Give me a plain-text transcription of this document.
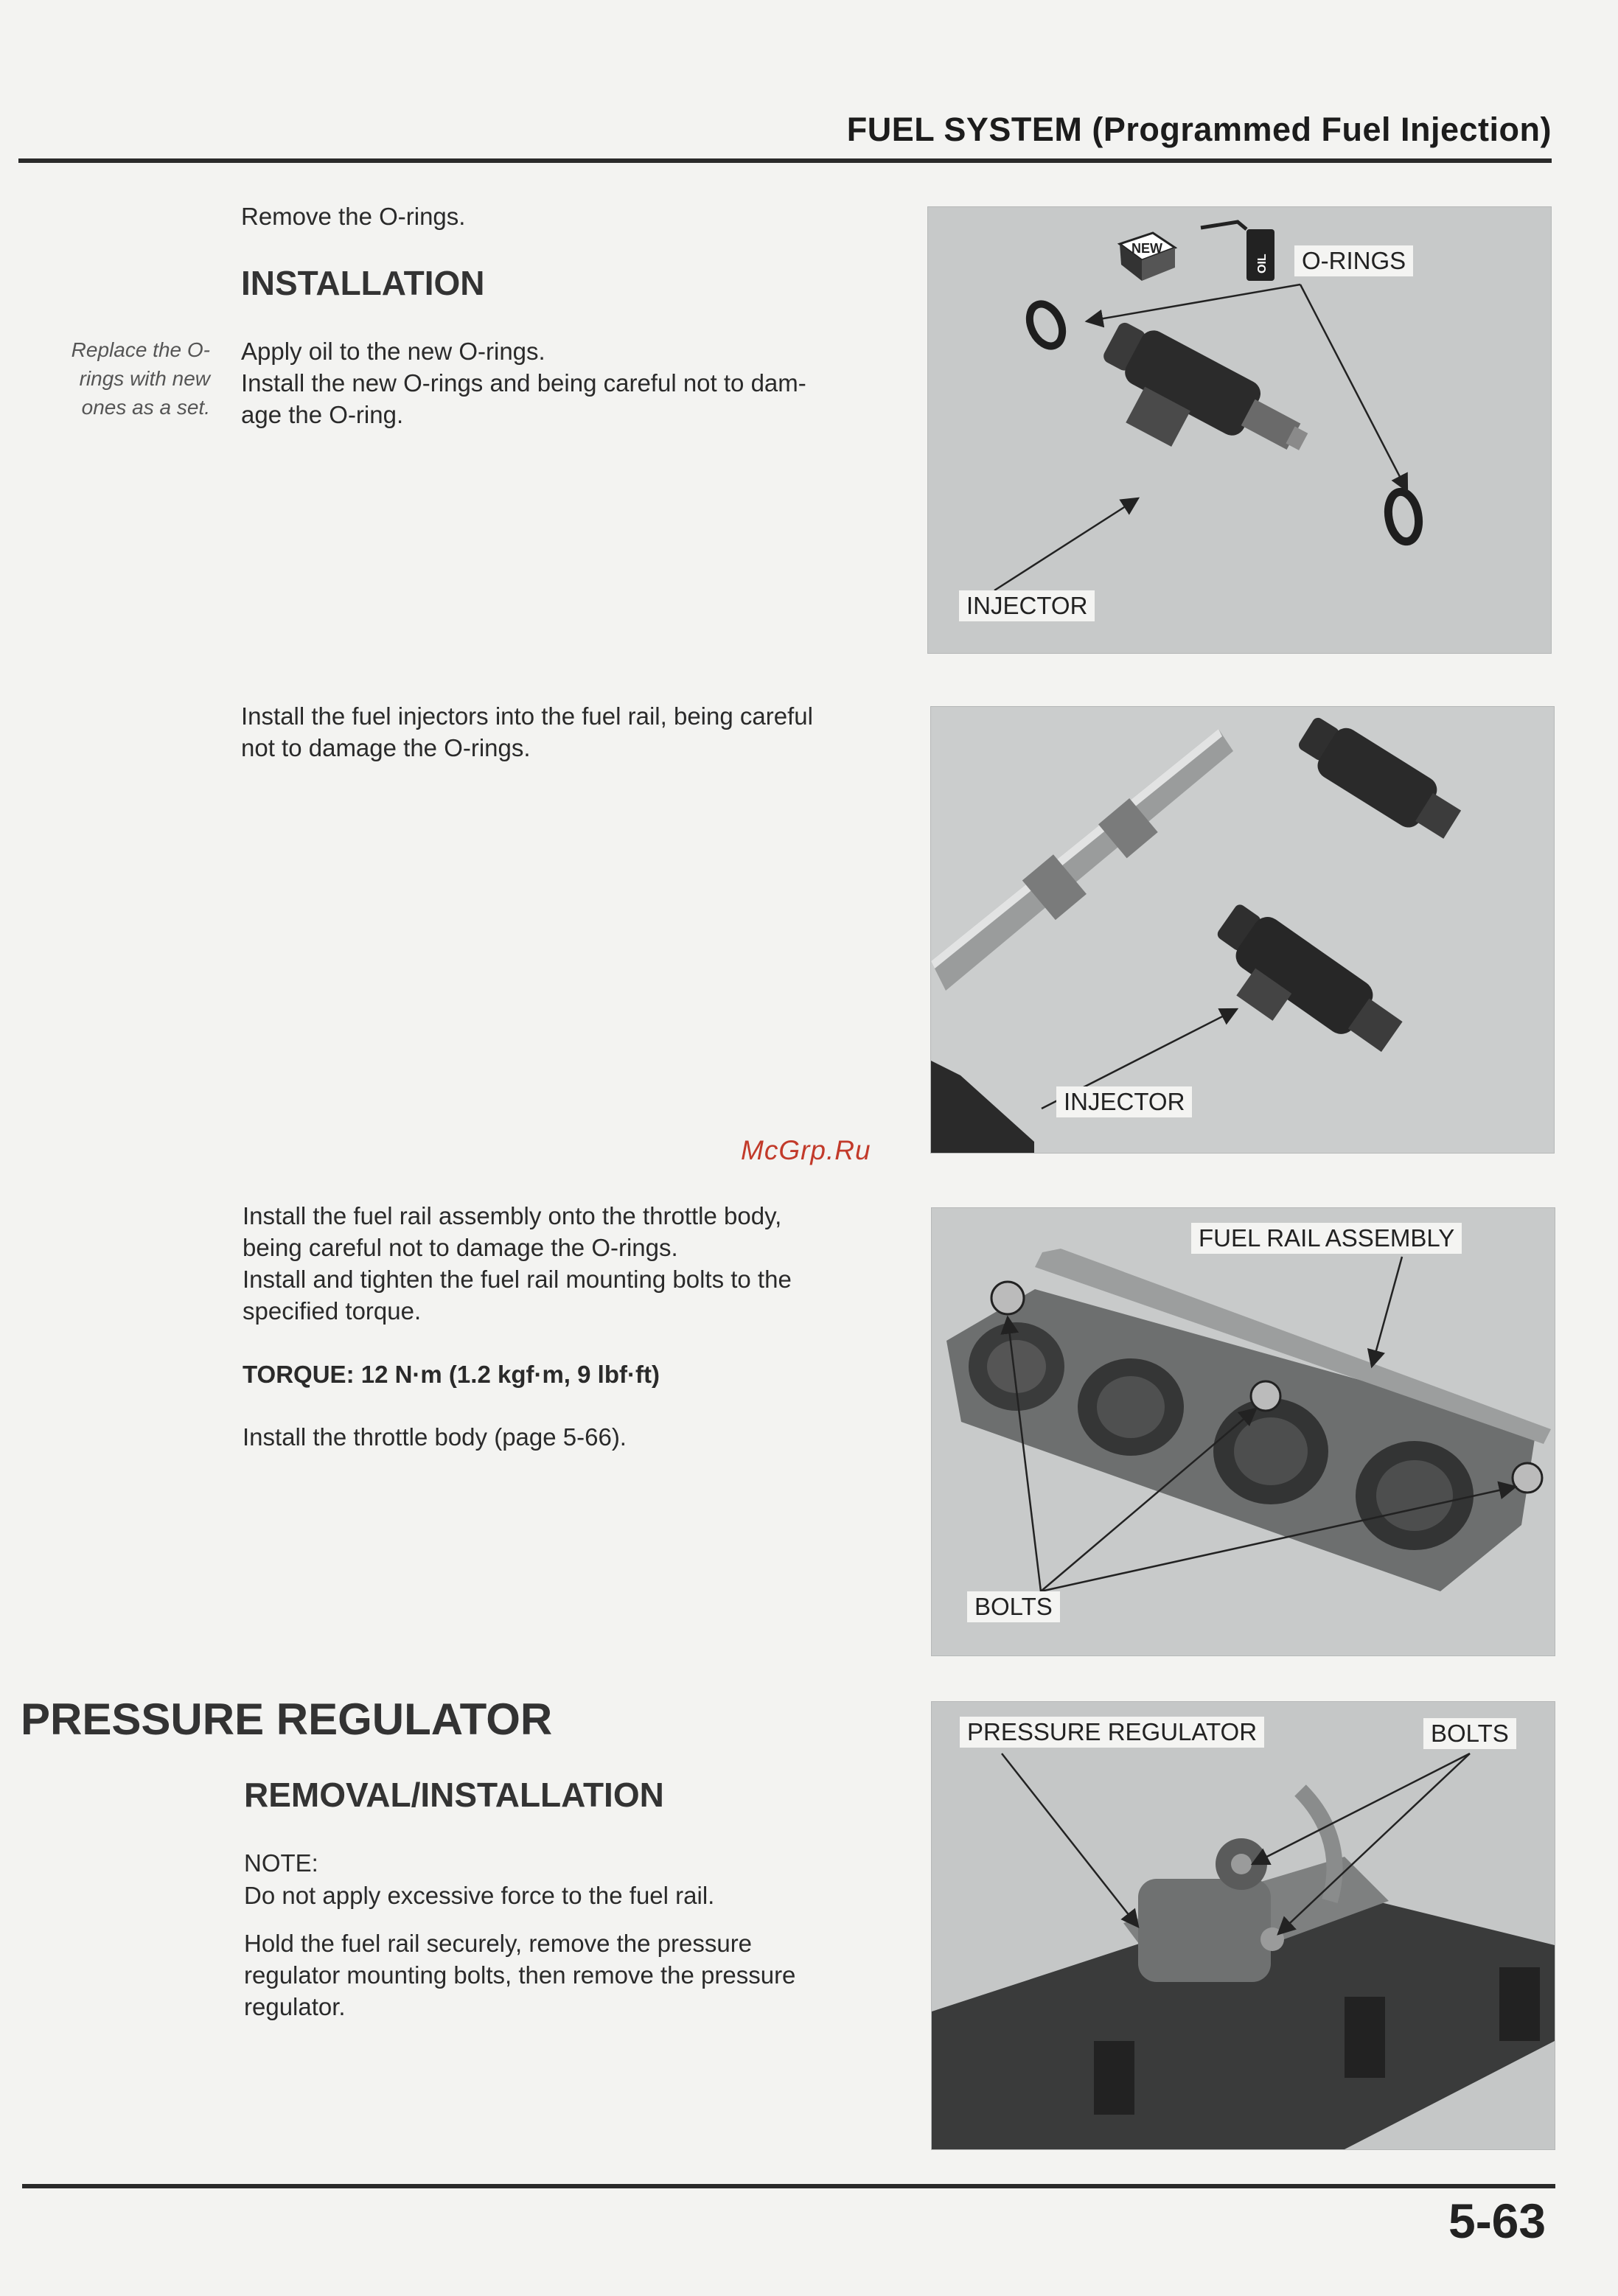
FUEL SYSTEM (Programmed Fuel Injection)
Remove the O-rings.
INSTALLATION
Replace the O-
rings with new
ones as a set.
Apply oil to the new O-rings.
Install the new O-rings and being careful not to dam-
age the O-ring.
Install the fuel injectors into the fuel rail, being careful
not to damage the O-rings.
McGrp.Ru
Install the fuel rail assembly onto the throttle body,
being careful not to damage the O-rings.
Install and tighten the fuel rail mounting bolts to the
specified torque.
TORQUE: 12 N·m (1.2 kgf·m, 9 lbf·ft)
Install the throttle body (page 5-66).
NEW
OIL	O-RINGS
INJECTOR
INJECTOR
FUEL RAIL ASSEMBLY
BOLTS
PRESSURE REGULATOR
REMOVAL/INSTALLATION
NOTE:
Do not apply excessive force to the fuel rail.
Hold the fuel rail securely, remove the pressure
regulator mounting bolts, then remove the pressure
regulator.
PRESSURE REGULATOR	BOLTS
5-63
